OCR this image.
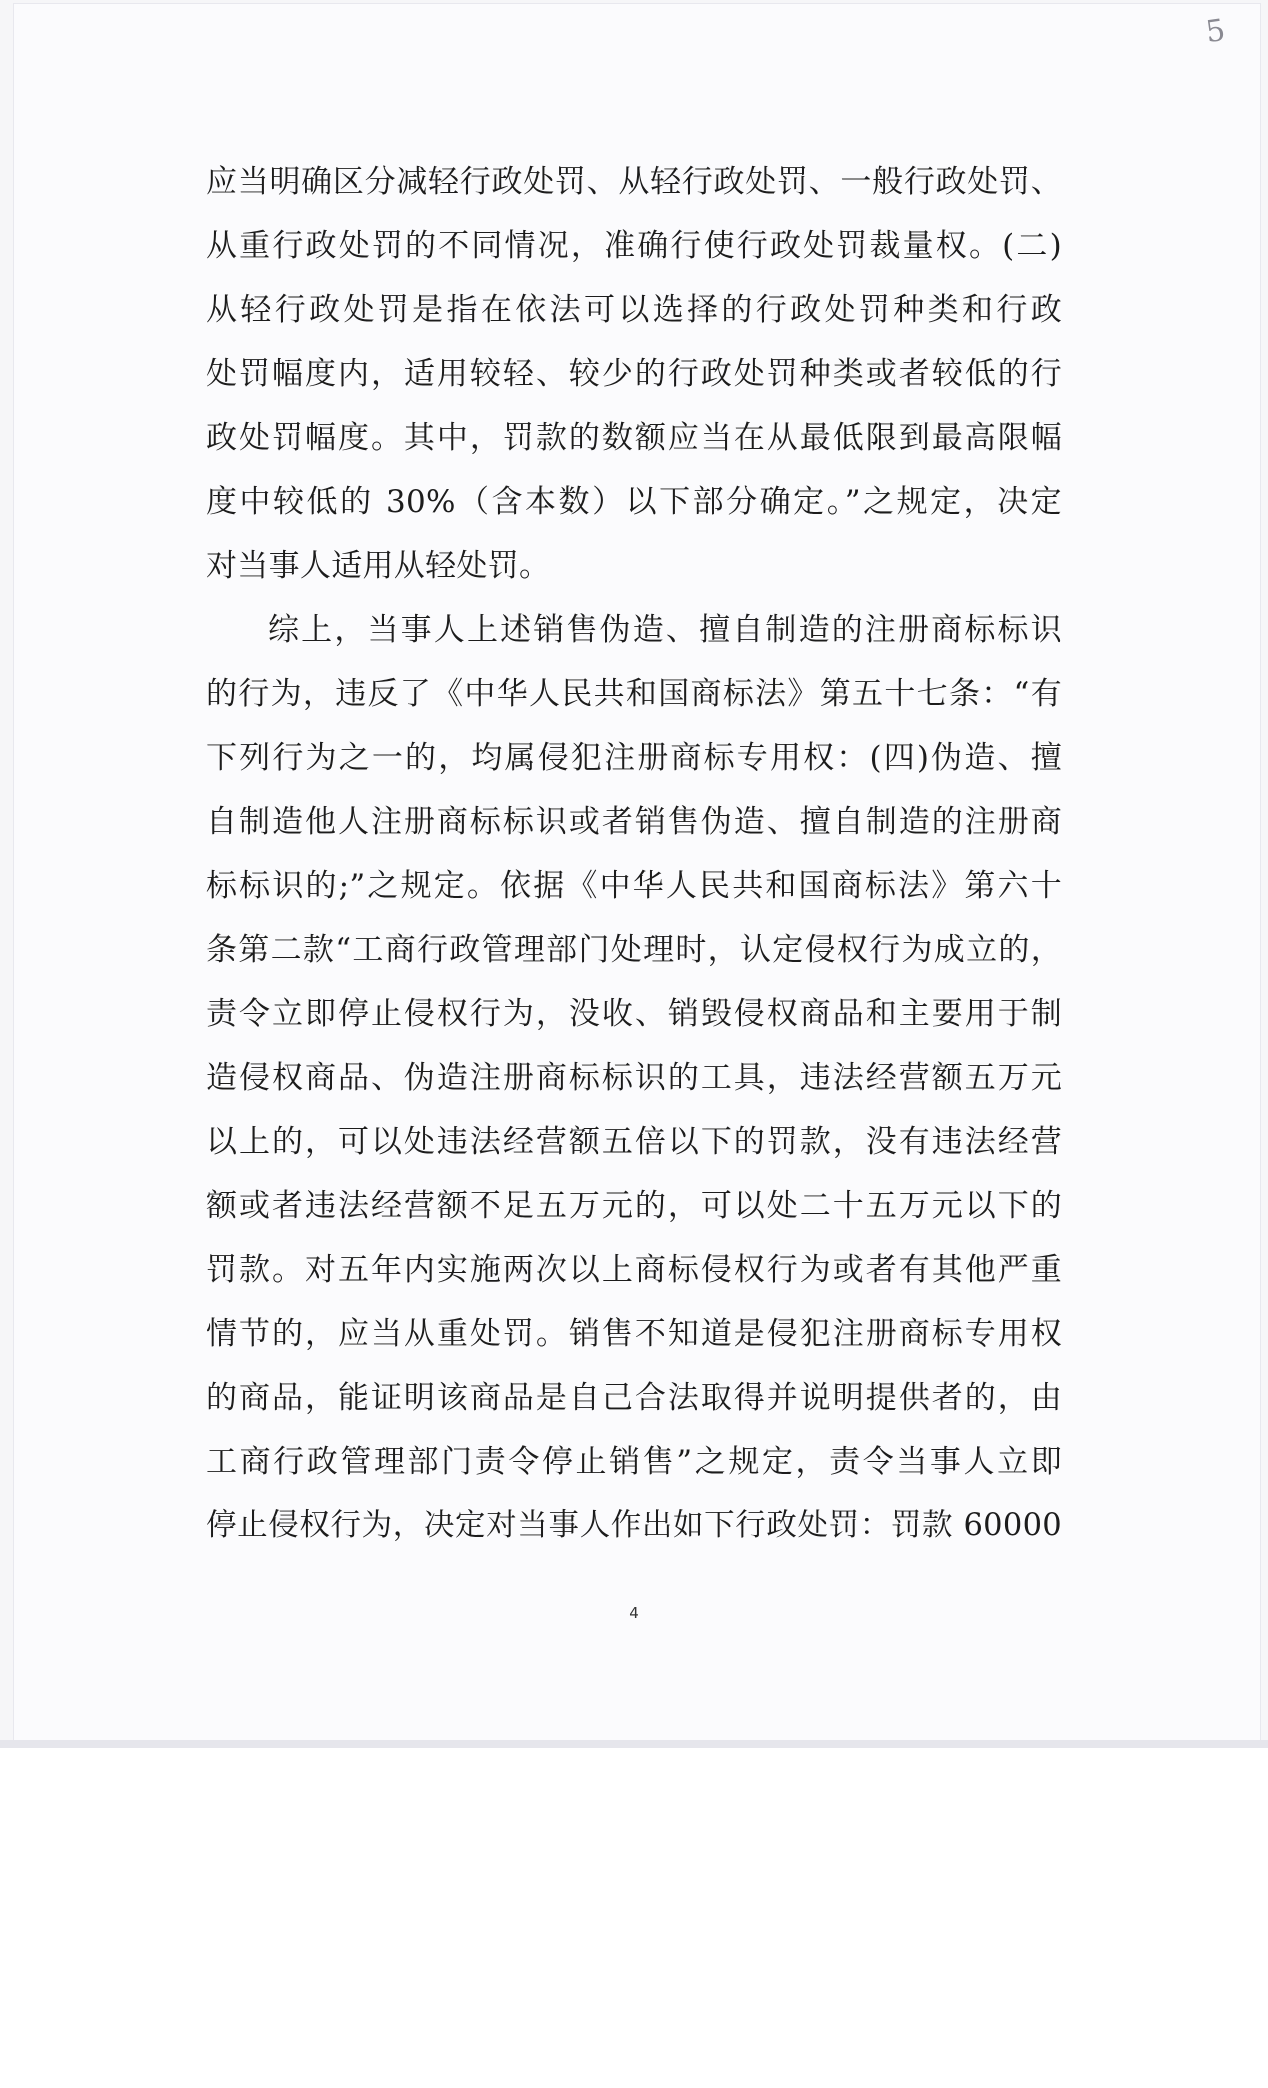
5
应当明确区分减轻行政处罚、从轻行政处罚、一般行政处罚、
从重行政处罚的不同情况，准确行使行政处罚裁量权。(二)
从轻行政处罚是指在依法可以选择的行政处罚种类和行政
处罚幅度内，适用较轻、较少的行政处罚种类或者较低的行
政处罚幅度。其中，罚款的数额应当在从最低限到最高限幅
度中较低的 30%（含本数）以下部分确定。”之规定，决定
对当事人适用从轻处罚。
综上，当事人上述销售伪造、擅自制造的注册商标标识
的行为，违反了《中华人民共和国商标法》第五十七条：“有
下列行为之一的，均属侵犯注册商标专用权：(四)伪造、擅
自制造他人注册商标标识或者销售伪造、擅自制造的注册商
标标识的;”之规定。依据《中华人民共和国商标法》第六十
条第二款“工商行政管理部门处理时，认定侵权行为成立的，
责令立即停止侵权行为，没收、销毁侵权商品和主要用于制
造侵权商品、伪造注册商标标识的工具，违法经营额五万元
以上的，可以处违法经营额五倍以下的罚款，没有违法经营
额或者违法经营额不足五万元的，可以处二十五万元以下的
罚款。对五年内实施两次以上商标侵权行为或者有其他严重
情节的，应当从重处罚。销售不知道是侵犯注册商标专用权
的商品，能证明该商品是自己合法取得并说明提供者的，由
工商行政管理部门责令停止销售”之规定，责令当事人立即
停止侵权行为，决定对当事人作出如下行政处罚：罚款 60000
4
